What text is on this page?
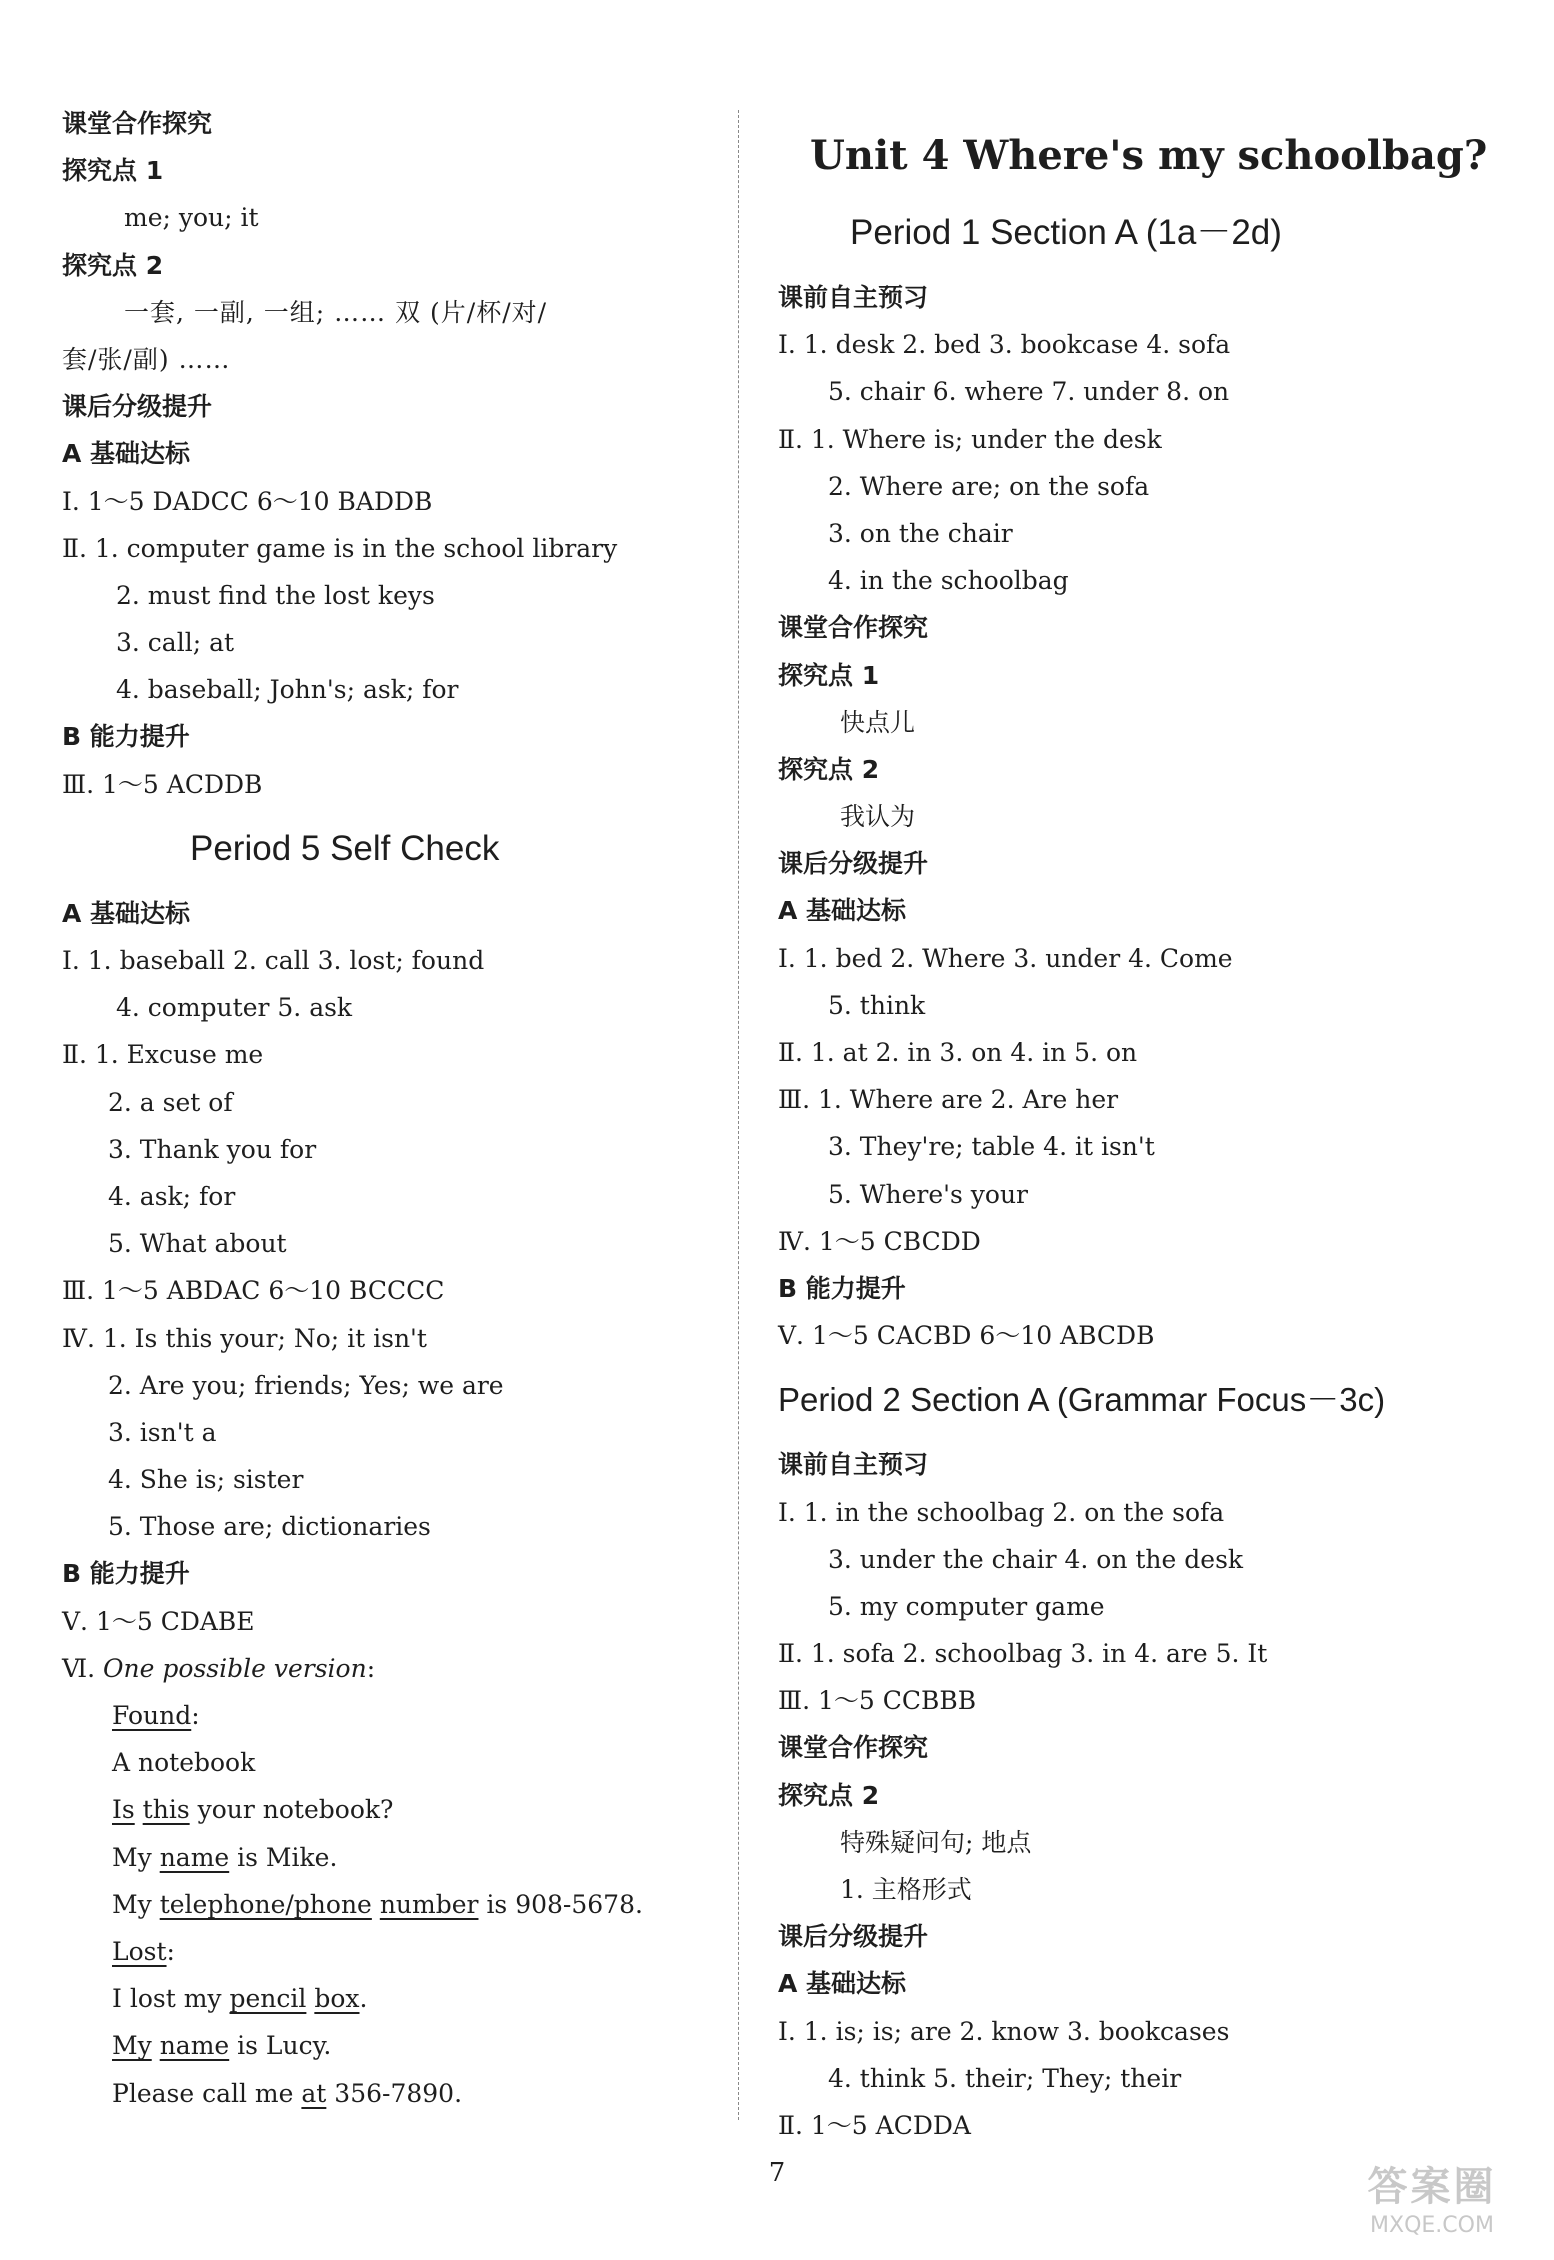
课堂合作探究
探究点 1
me; you; it
探究点 2
一套, 一副, 一组; …… 双 (片/杯/对/
套/张/副) ……
课后分级提升
A 基础达标
Ⅰ. 1～5 DADCC 6～10 BADDB
Ⅱ. 1. computer game is in the school library
2. must find the lost keys
3. call; at
4. baseball; John's; ask; for
B 能力提升
Ⅲ. 1～5 ACDDB
Period 5 Self Check
A 基础达标
Ⅰ. 1. baseball 2. call 3. lost; found
4. computer 5. ask
Ⅱ. 1. Excuse me
2. a set of
3. Thank you for
4. ask; for
5. What about
Ⅲ. 1～5 ABDAC 6～10 BCCCC
Ⅳ. 1. Is this your; No; it isn't
2. Are you; friends; Yes; we are
3. isn't a
4. She is; sister
5. Those are; dictionaries
B 能力提升
Ⅴ. 1～5 CDABE
Ⅵ. One possible version:
Found:
A notebook
Is this your notebook?
My name is Mike.
My telephone/phone number is 908-5678.
Lost:
I lost my pencil box.
My name is Lucy.
Please call me at 356-7890.
Unit 4 Where's my schoolbag?
Period 1 Section A (1a－2d)
课前自主预习
Ⅰ. 1. desk 2. bed 3. bookcase 4. sofa
5. chair 6. where 7. under 8. on
Ⅱ. 1. Where is; under the desk
2. Where are; on the sofa
3. on the chair
4. in the schoolbag
课堂合作探究
探究点 1
快点儿
探究点 2
我认为
课后分级提升
A 基础达标
Ⅰ. 1. bed 2. Where 3. under 4. Come
5. think
Ⅱ. 1. at 2. in 3. on 4. in 5. on
Ⅲ. 1. Where are 2. Are her
3. They're; table 4. it isn't
5. Where's your
Ⅳ. 1～5 CBCDD
B 能力提升
Ⅴ. 1～5 CACBD 6～10 ABCDB
Period 2 Section A (Grammar Focus－3c)
课前自主预习
Ⅰ. 1. in the schoolbag 2. on the sofa
3. under the chair 4. on the desk
5. my computer game
Ⅱ. 1. sofa 2. schoolbag 3. in 4. are 5. It
Ⅲ. 1～5 CCBBB
课堂合作探究
探究点 2
特殊疑问句; 地点
1. 主格形式
课后分级提升
A 基础达标
Ⅰ. 1. is; is; are 2. know 3. bookcases
4. think 5. their; They; their
Ⅱ. 1～5 ACDDA
7	答案圈
MXQE.COM
